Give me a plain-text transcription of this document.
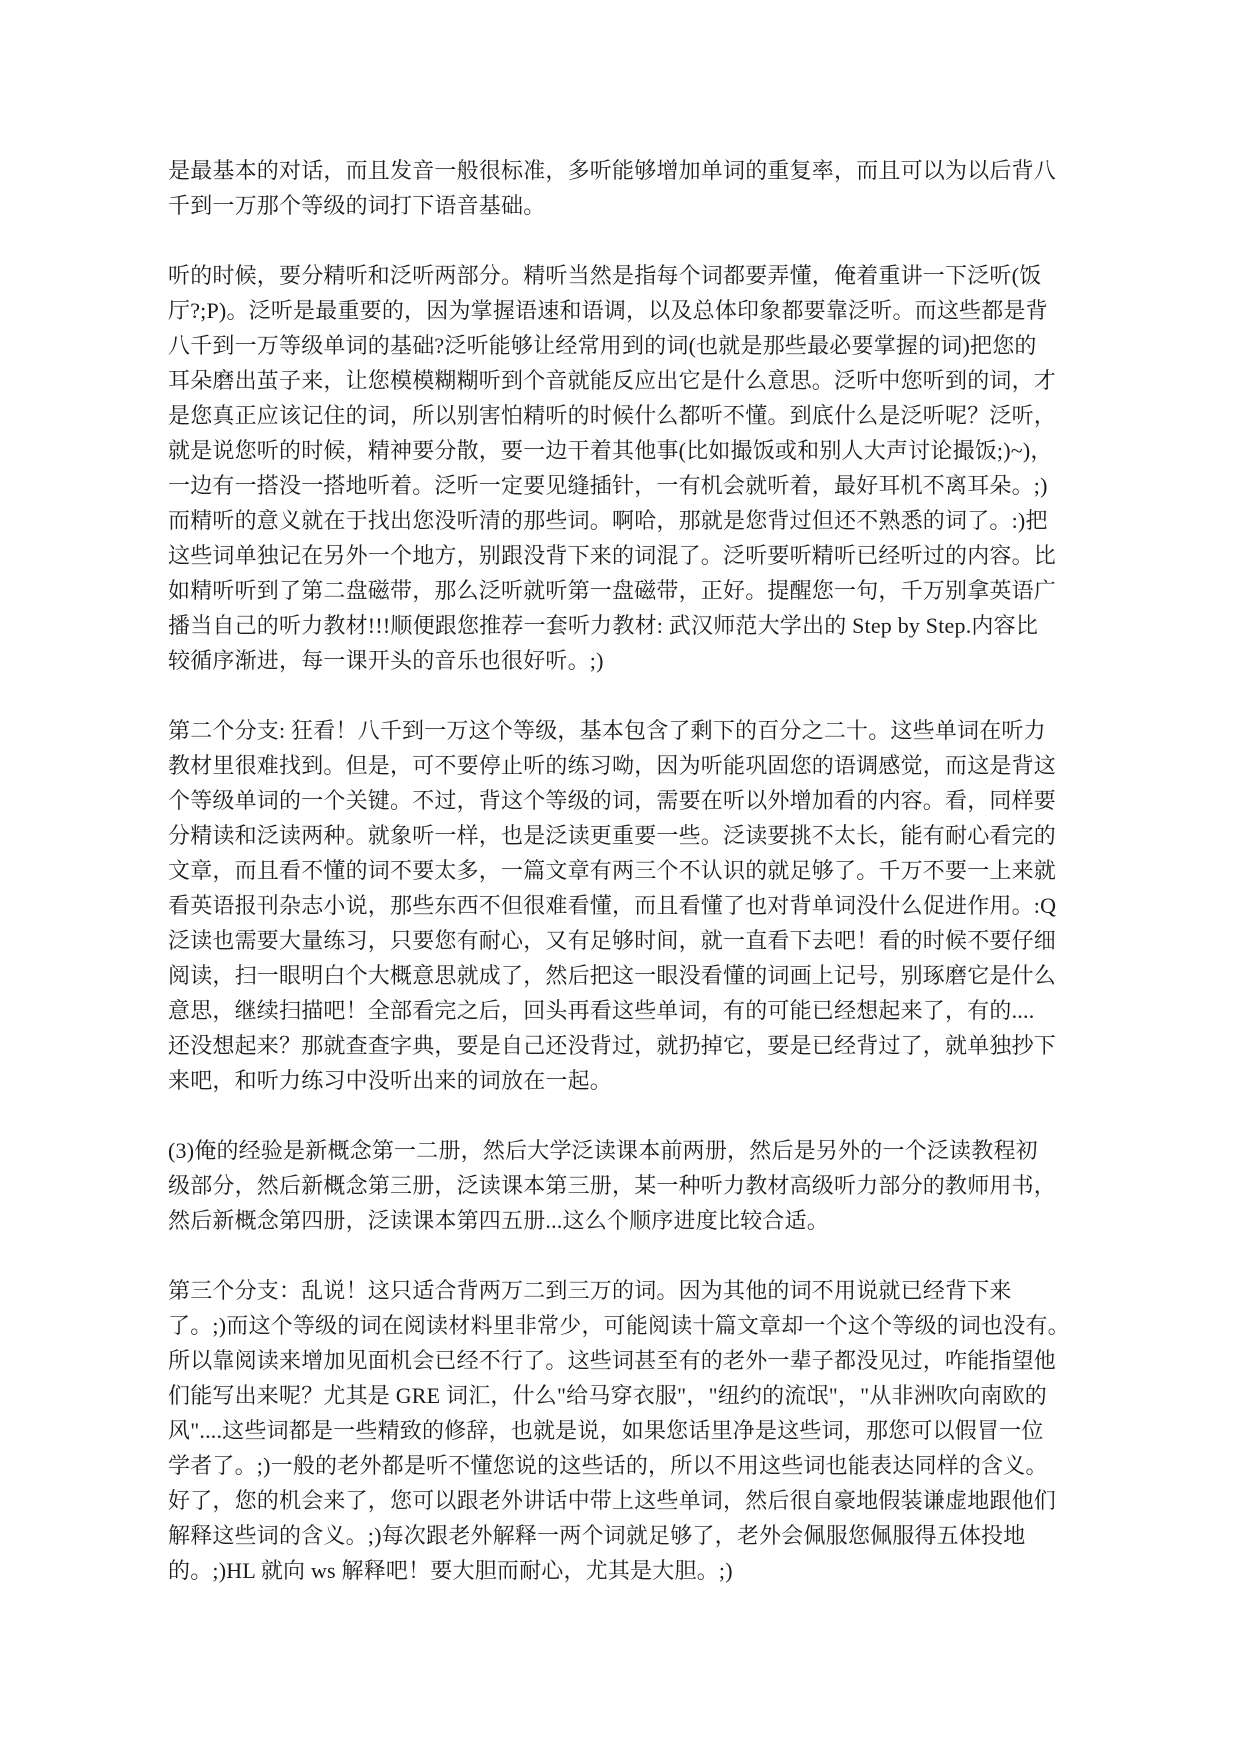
是最基本的对话，而且发音一般很标准，多听能够增加单词的重复率，而且可以为以后背八
千到一万那个等级的词打下语音基础。
听的时候，要分精听和泛听两部分。精听当然是指每个词都要弄懂，俺着重讲一下泛听(饭
厅?;P)。泛听是最重要的，因为掌握语速和语调，以及总体印象都要靠泛听。而这些都是背
八千到一万等级单词的基础?泛听能够让经常用到的词(也就是那些最必要掌握的词)把您的
耳朵磨出茧子来，让您模模糊糊听到个音就能反应出它是什么意思。泛听中您听到的词，才
是您真正应该记住的词，所以别害怕精听的时候什么都听不懂。到底什么是泛听呢？泛听，
就是说您听的时候，精神要分散，要一边干着其他事(比如撮饭或和别人大声讨论撮饭;)~)，
一边有一搭没一搭地听着。泛听一定要见缝插针，一有机会就听着，最好耳机不离耳朵。;)
而精听的意义就在于找出您没听清的那些词。啊哈，那就是您背过但还不熟悉的词了。:)把
这些词单独记在另外一个地方，别跟没背下来的词混了。泛听要听精听已经听过的内容。比
如精听听到了第二盘磁带，那么泛听就听第一盘磁带，正好。提醒您一句，千万别拿英语广
播当自己的听力教材!!!顺便跟您推荐一套听力教材: 武汉师范大学出的 Step by Step.内容比
较循序渐进，每一课开头的音乐也很好听。;)
第二个分支: 狂看！八千到一万这个等级，基本包含了剩下的百分之二十。这些单词在听力
教材里很难找到。但是，可不要停止听的练习呦，因为听能巩固您的语调感觉，而这是背这
个等级单词的一个关键。不过，背这个等级的词，需要在听以外增加看的内容。看，同样要
分精读和泛读两种。就象听一样，也是泛读更重要一些。泛读要挑不太长，能有耐心看完的
文章，而且看不懂的词不要太多，一篇文章有两三个不认识的就足够了。千万不要一上来就
看英语报刊杂志小说，那些东西不但很难看懂，而且看懂了也对背单词没什么促进作用。:Q
泛读也需要大量练习，只要您有耐心，又有足够时间，就一直看下去吧！看的时候不要仔细
阅读，扫一眼明白个大概意思就成了，然后把这一眼没看懂的词画上记号，别琢磨它是什么
意思，继续扫描吧！全部看完之后，回头再看这些单词，有的可能已经想起来了，有的....
还没想起来？那就查查字典，要是自己还没背过，就扔掉它，要是已经背过了，就单独抄下
来吧，和听力练习中没听出来的词放在一起。
(3)俺的经验是新概念第一二册，然后大学泛读课本前两册，然后是另外的一个泛读教程初
级部分，然后新概念第三册，泛读课本第三册，某一种听力教材高级听力部分的教师用书，
然后新概念第四册，泛读课本第四五册...这么个顺序进度比较合适。
第三个分支：乱说！这只适合背两万二到三万的词。因为其他的词不用说就已经背下来
了。;)而这个等级的词在阅读材料里非常少，可能阅读十篇文章却一个这个等级的词也没有。
所以靠阅读来增加见面机会已经不行了。这些词甚至有的老外一辈子都没见过，咋能指望他
们能写出来呢？尤其是 GRE 词汇，什么"给马穿衣服"，"纽约的流氓"，"从非洲吹向南欧的
风"....这些词都是一些精致的修辞，也就是说，如果您话里净是这些词，那您可以假冒一位
学者了。;)一般的老外都是听不懂您说的这些话的，所以不用这些词也能表达同样的含义。
好了，您的机会来了，您可以跟老外讲话中带上这些单词，然后很自豪地假装谦虚地跟他们
解释这些词的含义。;)每次跟老外解释一两个词就足够了，老外会佩服您佩服得五体投地
的。;)HL 就向 ws 解释吧！要大胆而耐心，尤其是大胆。;)
